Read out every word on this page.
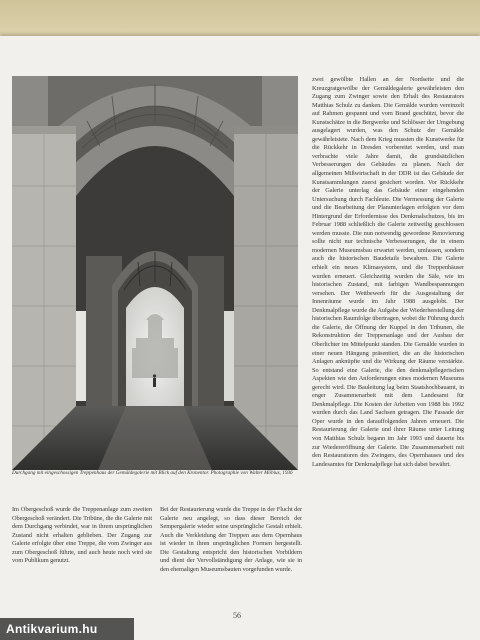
Durchgang mit eingeschossigen Treppenhaus der Gemäldegalerie mit Blick auf den Kronentor. Photographie von Walter Möbius, 1936

zwei gewölbte Hallen an der Nordseite und die Kreuzgratgewölbe der Gemäldegalerie gewährleisten den Zugang zum Zwinger sowie den Erhalt des Restaurators Matthias Schulz zu danken. Die Gemälde wurden vereinzelt auf Rahmen gespannt und vom Brand geschützt, bevor die Kunstschätze in die Bergwerke und Schlösser der Umgebung ausgelagert wurden, was den Schutz der Gemälde gewährleistete. Nach dem Krieg mussten die Kunstwerke für die Rückkehr in Dresden vorbereitet werden, und man verbrachte viele Jahre damit, die grundsätzlichen Verbesserungen des Gebäudes zu planen. Nach der allgemeinen Mißwirtschaft in der DDR ist das Gebäude der Kunstsammlungen zuerst gesichert worden. Vor Rückkehr der Galerie unterlag das Gebäude einer eingehenden Untersuchung durch Fachleute. Die Vermessung der Galerie und die Bearbeitung der Planunterlagen erfolgten vor dem Hintergrund der Erfordernisse des Denkmalschutzes, bis im Februar 1988 schließlich die Galerie zeitweilig geschlossen werden musste. Die nun notwendig gewordene Renovierung sollte nicht nur technische Verbesserungen, die in einem modernen Museumsbau erwartet werden, umfassen, sondern auch die historischen Baudetails bewahren. Die Galerie erhielt ein neues Klimasystem, und die Treppenhäuser wurden erneuert. Gleichzeitig wurden die Säle, wie im historischen Zustand, mit farbigen Wandbespannungen versehen. Der Wettbewerb für die Ausgestaltung der Innenräume wurde im Jahr 1988 ausgelobt. Der Denkmalpflege wurde die Aufgabe der Wiederherstellung der historischen Raumfolge übertragen, wobei die Führung durch die Galerie, die Öffnung der Kuppel in den Tribunen, die Rekonstruktion der Treppenanlage und der Ausbau der Oberlichter im Mittelpunkt standen. Die Gemälde wurden in einer neuen Hängung präsentiert, die an die historischen Anlagen anknüpfte und die Wirkung der Räume verstärkte. So entstand eine Galerie, die den denkmalpflegerischen Aspekten wie den Anforderungen eines modernen Museums gerecht wird. Die Bauleitung lag beim Staatshochbauamt, in enger Zusammenarbeit mit dem Landesamt für Denkmalpflege. Die Kosten der Arbeiten von 1988 bis 1992 wurden durch das Land Sachsen getragen. Die Fassade der Oper wurde in den darauffolgenden Jahren erneuert. Die Restaurierung der Galerie und ihrer Räume unter Leitung von Matthias Schulz begann im Jahr 1993 und dauerte bis zur Wiedereröffnung der Galerie. Die Zusammenarbeit mit den Restauratoren des Zwingers, des Opernhauses und des Landesamtes für Denkmalpflege hat sich dabei bewährt.

Im Obergeschoß wurde die Treppenanlage zum zweiten Obergeschoß verändert. Die Tribüne, die die Galerie mit dem Durchgang verbindet, war in ihrem ursprünglichen Zustand nicht erhalten geblieben. Der Zugang zur Galerie erfolgte über eine Treppe, die vom Zwinger aus zum Obergeschoß führte, und auch heute noch wird sie vom Publikum genutzt.

Bei der Restaurierung wurde die Treppe in der Flucht der Galerie neu angelegt, so dass dieser Bereich der Sempergalerie wieder seine ursprüngliche Gestalt erhielt. Auch die Verkleidung der Treppen aus dem Opernhaus ist wieder in ihren ursprünglichen Formen hergestellt. Die Gestaltung entspricht den historischen Vorbildern und dient der Vervollständigung der Anlage, wie sie in den ehemaligen Museumsbauten vorgefunden wurde.

56
Antikvarium.hu
